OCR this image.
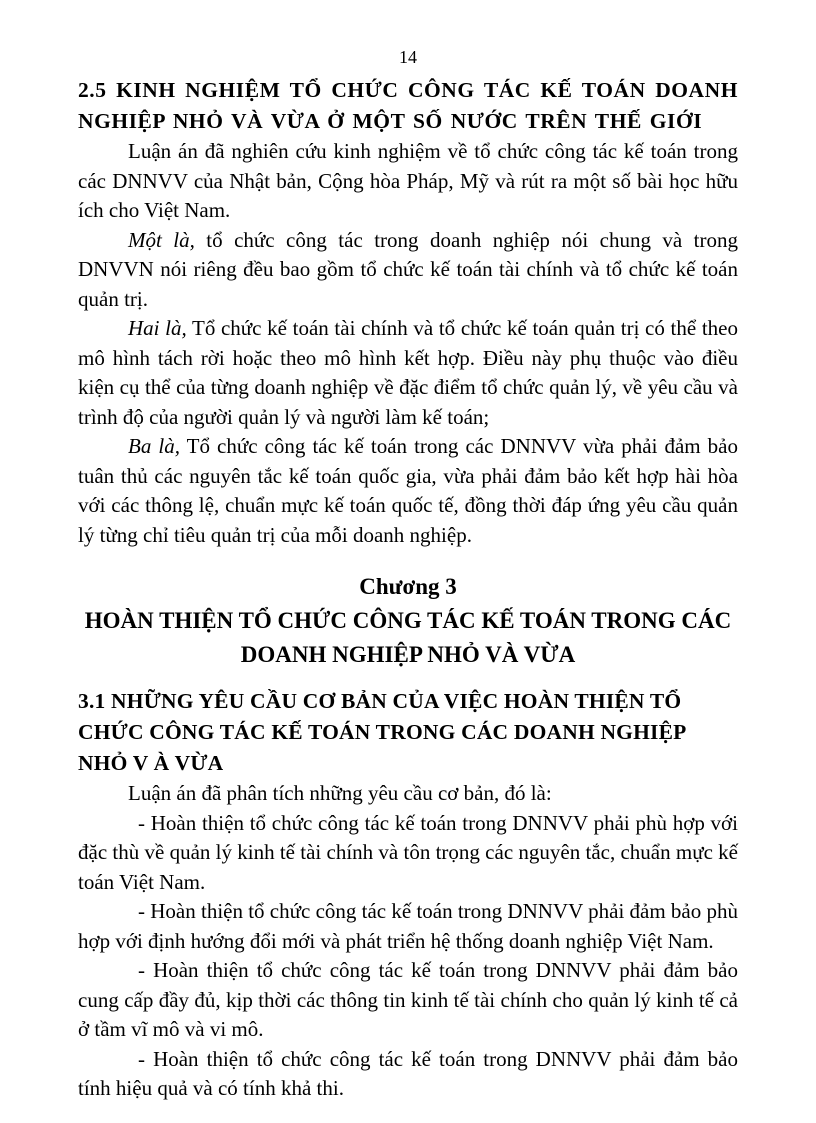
14
2.5 KINH NGHIỆM TỔ CHỨC CÔNG TÁC KẾ TOÁN DOANH NGHIỆP NHỎ VÀ VỪA Ở MỘT SỐ NƯỚC TRÊN THẾ GIỚI

Luận án đã nghiên cứu kinh nghiệm về tổ chức công tác kế toán trong các DNNVV của Nhật bản, Cộng hòa Pháp, Mỹ và rút ra một số bài học hữu ích cho Việt Nam.

Một là, tổ chức công tác trong doanh nghiệp nói chung và trong DNVVN nói riêng đều bao gồm tổ chức kế toán tài chính và tổ chức kế toán quản trị.

Hai là, Tổ chức kế toán tài chính và tổ chức kế toán quản trị có thể theo mô hình tách rời hoặc theo mô hình kết hợp. Điều này phụ thuộc vào điều kiện cụ thể của từng doanh nghiệp về đặc điểm tổ chức quản lý, về yêu cầu và trình độ của người quản lý và người làm kế toán;

Ba là, Tổ chức công tác kế toán trong các DNNVV vừa phải đảm bảo tuân thủ các nguyên tắc kế toán quốc gia, vừa phải đảm bảo kết hợp hài hòa với các thông lệ, chuẩn mực kế toán quốc tế, đồng thời đáp ứng yêu cầu quản lý từng chỉ tiêu quản trị của mỗi doanh nghiệp.

Chương 3

HOÀN THIỆN TỔ CHỨC CÔNG TÁC KẾ TOÁN TRONG CÁC

DOANH NGHIỆP NHỎ VÀ VỪA

3.1 NHỮNG YÊU CẦU CƠ BẢN CỦA VIỆC HOÀN THIỆN TỔ
CHỨC CÔNG TÁC KẾ TOÁN TRONG CÁC DOANH NGHIỆP
NHỎ V À VỪA

Luận án đã phân tích những yêu cầu cơ bản, đó là:

- Hoàn thiện tổ chức công tác kế toán trong DNNVV phải phù hợp với đặc thù về quản lý kinh tế tài chính và tôn trọng các nguyên tắc, chuẩn mực kế toán Việt Nam.

- Hoàn thiện tổ chức công tác kế toán trong DNNVV phải đảm bảo phù hợp với định hướng đổi mới và phát triển hệ thống doanh nghiệp Việt Nam.

- Hoàn thiện tổ chức công tác kế toán trong DNNVV phải đảm bảo cung cấp đầy đủ, kịp thời các thông tin kinh tế tài chính cho quản lý kinh tế cả ở tầm vĩ mô và vi mô.

- Hoàn thiện tổ chức công tác kế toán trong DNNVV phải đảm bảo tính hiệu quả và có tính khả thi.
